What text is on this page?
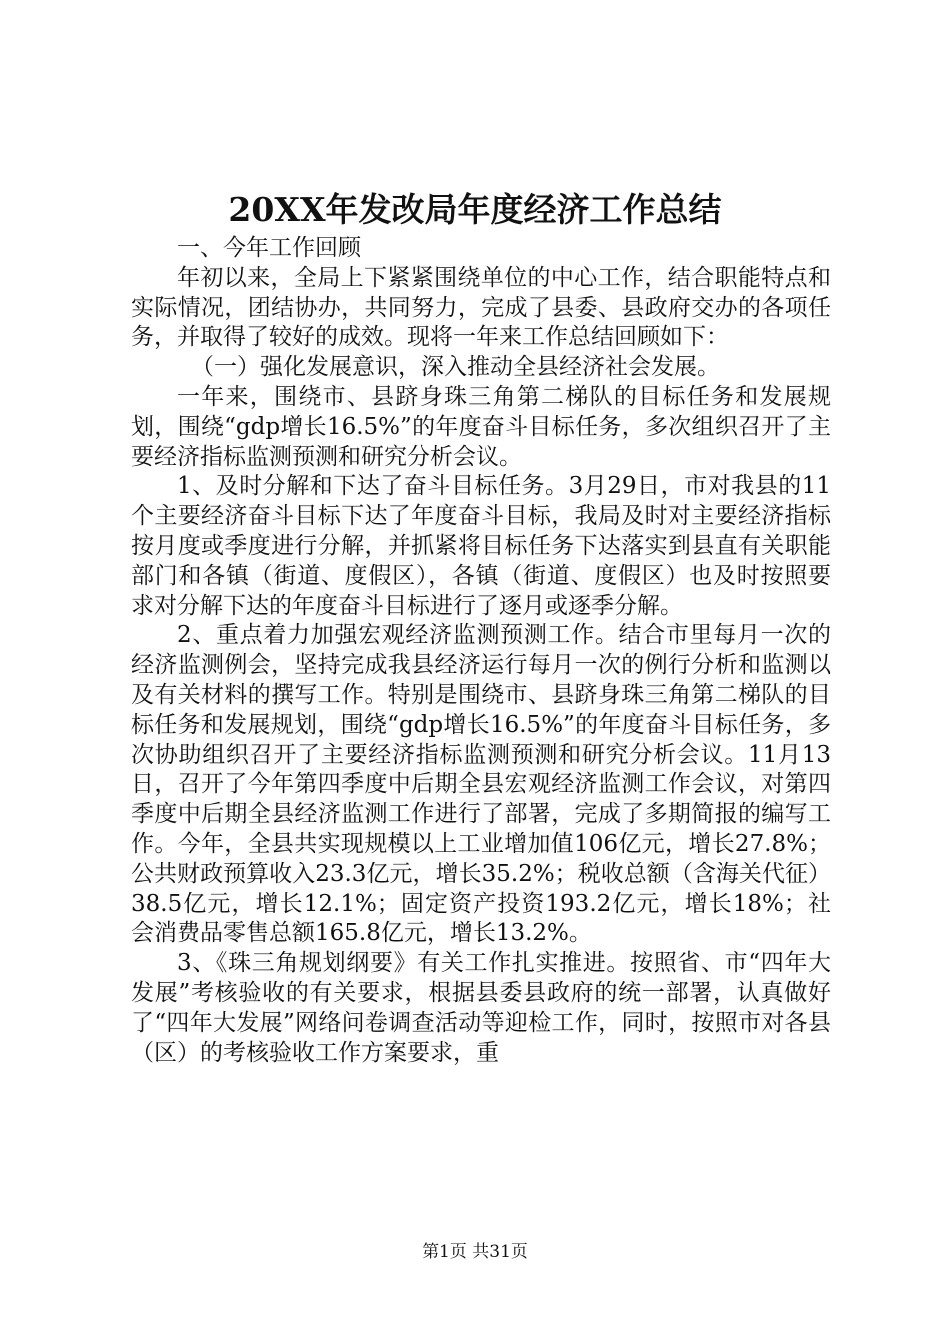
20XX年发改局年度经济工作总结

一、今年工作回顾

年初以来，全局上下紧紧围绕单位的中心工作，结合职能特点和实际情况，团结协办，共同努力，完成了县委、县政府交办的各项任务，并取得了较好的成效。现将一年来工作总结回顾如下：

（一）强化发展意识，深入推动全县经济社会发展。

一年来，围绕市、县跻身珠三角第二梯队的目标任务和发展规划，围绕“gdp增长16.5%”的年度奋斗目标任务，多次组织召开了主要经济指标监测预测和研究分析会议。

1、及时分解和下达了奋斗目标任务。3月29日，市对我县的11个主要经济奋斗目标下达了年度奋斗目标，我局及时对主要经济指标按月度或季度进行分解，并抓紧将目标任务下达落实到县直有关职能部门和各镇（街道、度假区），各镇（街道、度假区）也及时按照要求对分解下达的年度奋斗目标进行了逐月或逐季分解。

2、重点着力加强宏观经济监测预测工作。结合市里每月一次的经济监测例会，坚持完成我县经济运行每月一次的例行分析和监测以及有关材料的撰写工作。特别是围绕市、县跻身珠三角第二梯队的目标任务和发展规划，围绕“gdp增长16.5%”的年度奋斗目标任务，多次协助组织召开了主要经济指标监测预测和研究分析会议。11月13日，召开了今年第四季度中后期全县宏观经济监测工作会议，对第四季度中后期全县经济监测工作进行了部署，完成了多期简报的编写工作。今年，全县共实现规模以上工业增加值106亿元，增长27.8%；公共财政预算收入23.3亿元，增长35.2%；税收总额（含海关代征）38.5亿元，增长12.1%；固定资产投资193.2亿元，增长18%；社会消费品零售总额165.8亿元，增长13.2%。

3、《珠三角规划纲要》有关工作扎实推进。按照省、市“四年大发展”考核验收的有关要求，根据县委县政府的统一部署，认真做好了“四年大发展”网络问卷调查活动等迎检工作，同时，按照市对各县（区）的考核验收工作方案要求，重

第1页 共31页
